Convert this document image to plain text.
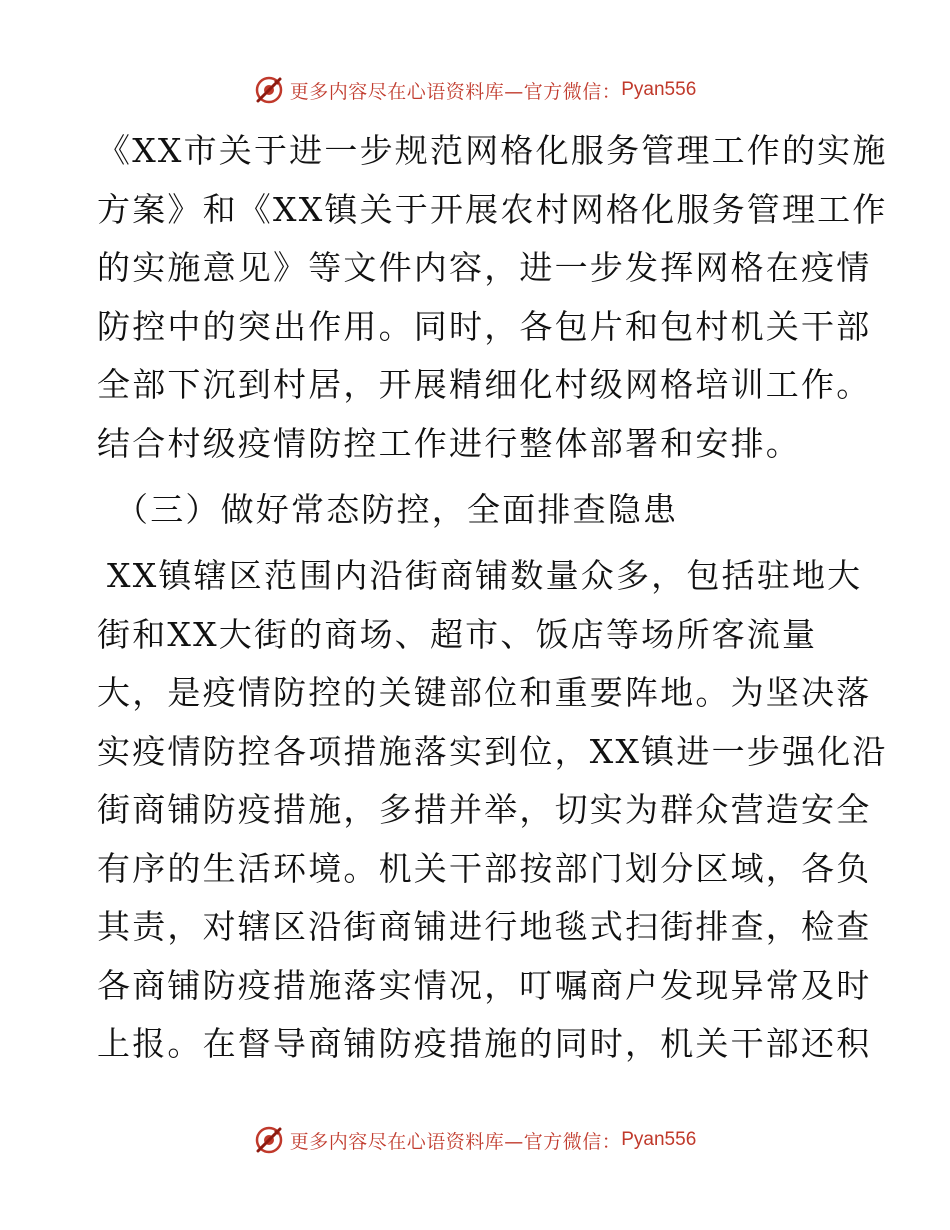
更多内容尽在心语资料库—官方微信： Pyan556
《XX市关于进一步规范网格化服务管理工作的实施
方案》和《XX镇关于开展农村网格化服务管理工作
的实施意见》等文件内容，进一步发挥网格在疫情
防控中的突出作用。同时，各包片和包村机关干部
全部下沉到村居，开展精细化村级网格培训工作。
结合村级疫情防控工作进行整体部署和安排。
（三）做好常态防控，全面排查隐患
XX镇辖区范围内沿街商铺数量众多，包括驻地大
街和XX大街的商场、超市、饭店等场所客流量
大，是疫情防控的关键部位和重要阵地。为坚决落
实疫情防控各项措施落实到位，XX镇进一步强化沿
街商铺防疫措施，多措并举，切实为群众营造安全
有序的生活环境。机关干部按部门划分区域，各负
其责，对辖区沿街商铺进行地毯式扫街排查，检查
各商铺防疫措施落实情况，叮嘱商户发现异常及时
上报。在督导商铺防疫措施的同时，机关干部还积
更多内容尽在心语资料库—官方微信： Pyan556
